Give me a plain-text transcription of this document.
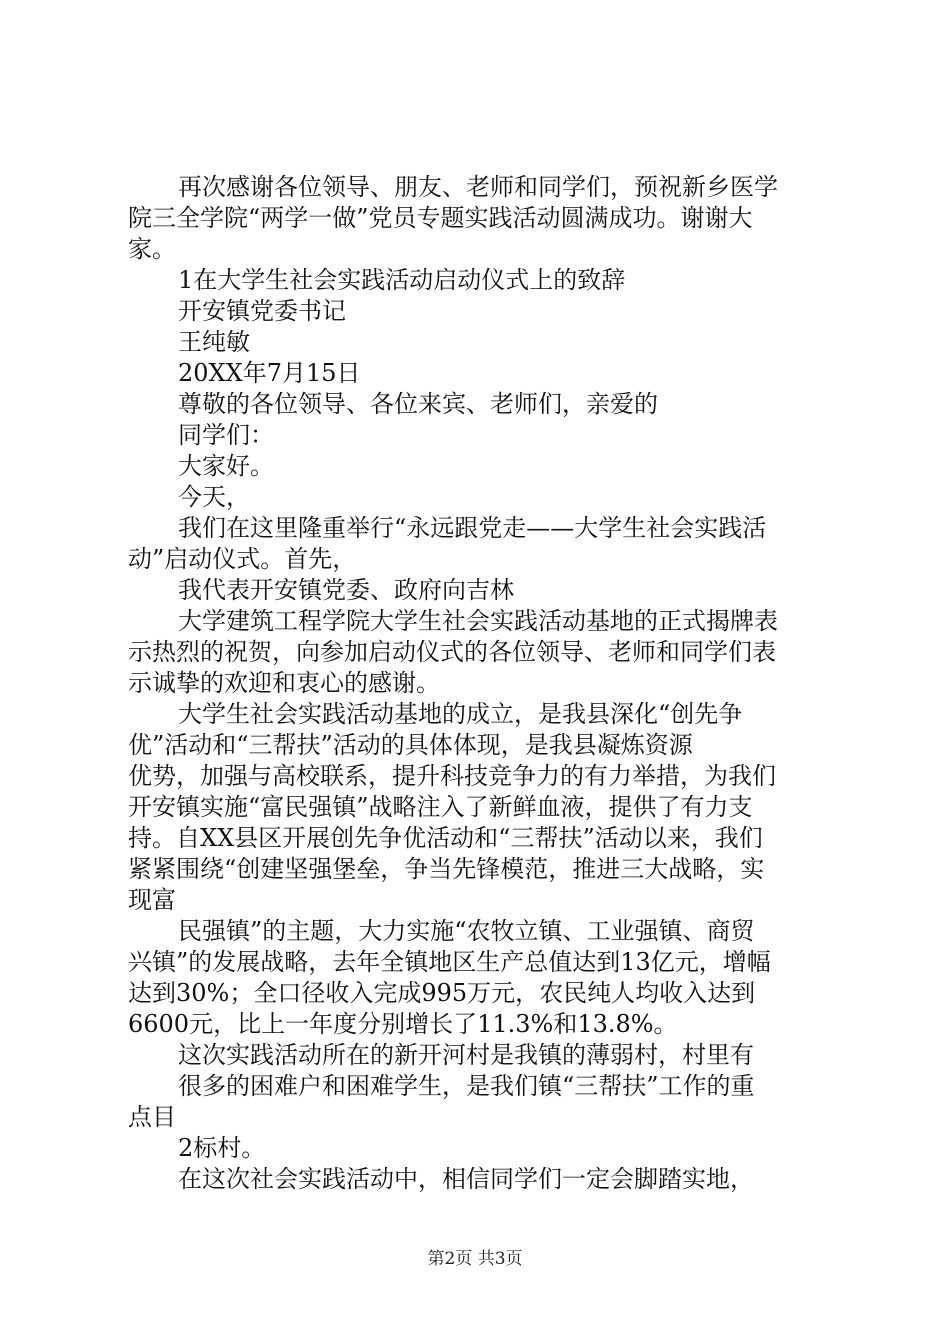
再次感谢各位领导、朋友、老师和同学们，预祝新乡医学
院三全学院“两学一做”党员专题实践活动圆满成功。谢谢大
家。
1在大学生社会实践活动启动仪式上的致辞
开安镇党委书记
王纯敏
20XX年7月15日
尊敬的各位领导、各位来宾、老师们，亲爱的
同学们：
大家好。
今天，
我们在这里隆重举行“永远跟党走——大学生社会实践活
动”启动仪式。首先，
我代表开安镇党委、政府向吉林
大学建筑工程学院大学生社会实践活动基地的正式揭牌表
示热烈的祝贺，向参加启动仪式的各位领导、老师和同学们表
示诚挚的欢迎和衷心的感谢。
大学生社会实践活动基地的成立，是我县深化“创先争
优”活动和“三帮扶”活动的具体体现，是我县凝炼资源
优势，加强与高校联系，提升科技竞争力的有力举措，为我们
开安镇实施“富民强镇”战略注入了新鲜血液，提供了有力支
持。自XX县区开展创先争优活动和“三帮扶”活动以来，我们
紧紧围绕“创建坚强堡垒，争当先锋模范，推进三大战略，实
现富
民强镇”的主题，大力实施“农牧立镇、工业强镇、商贸
兴镇”的发展战略，去年全镇地区生产总值达到13亿元，增幅
达到30%；全口径收入完成995万元，农民纯人均收入达到
6600元，比上一年度分别增长了11.3%和13.8%。
这次实践活动所在的新开河村是我镇的薄弱村，村里有
很多的困难户和困难学生，是我们镇“三帮扶”工作的重
点目
2标村。
在这次社会实践活动中，相信同学们一定会脚踏实地，
第2页 共3页
